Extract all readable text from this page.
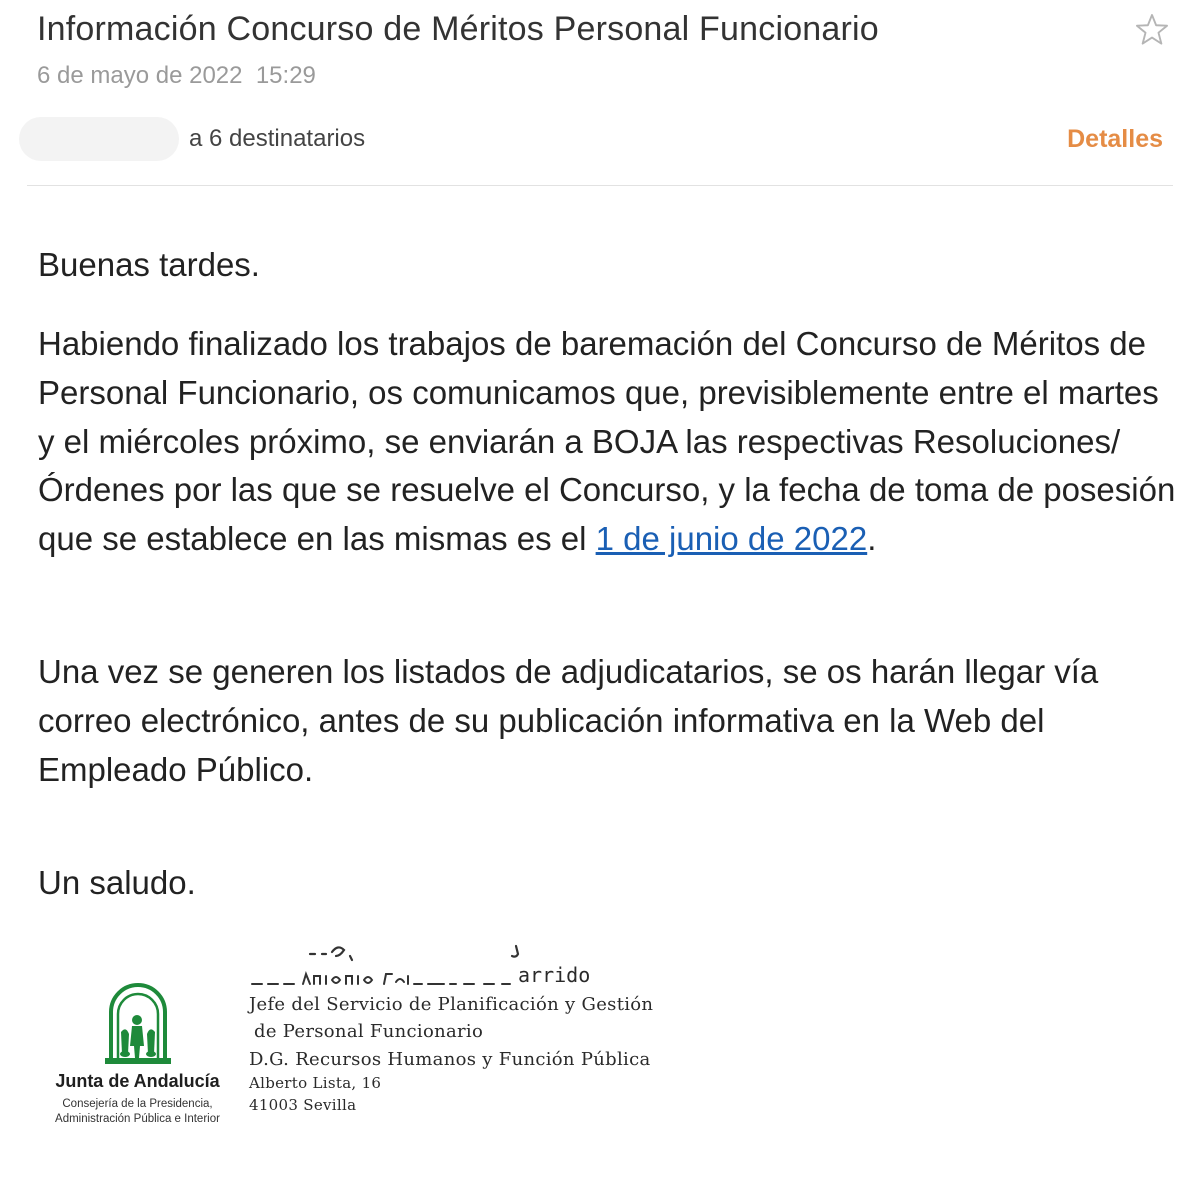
Información Concurso de Méritos Personal Funcionario
6 de mayo de 2022  15:29
a 6 destinatarios	Detalles

Buenas tardes.

Habiendo finalizado los trabajos de baremación del Concurso de Méritos de Personal Funcionario, os comunicamos que, previsiblemente entre el martes y el miércoles próximo, se enviarán a BOJA las respectivas Resoluciones/Órdenes por las que se resuelve el Concurso, y la fecha de toma de posesión que se establece en las mismas es el 1 de junio de 2022.

Una vez se generen los listados de adjudicatarios, se os harán llegar vía correo electrónico, antes de su publicación informativa en la Web del Empleado Público.

Un saludo.

Junta de Andalucía
Consejería de la Presidencia,
Administración Pública e Interior
arrido
Jefe del Servicio de Planificación y Gestión
de Personal Funcionario
D.G. Recursos Humanos y Función Pública
Alberto Lista, 16
41003 Sevilla
